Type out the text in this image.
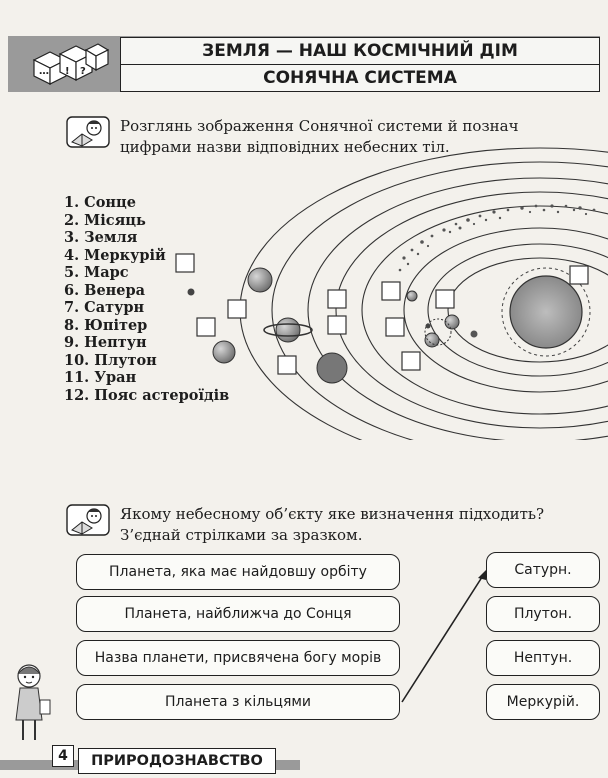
! ?
…
ЗЕМЛЯ — НАШ КОСМІЧНИЙ ДІМ
СОНЯЧНА СИСТЕМА
Розглянь зображення Сонячної системи й познач цифрами назви відповідних небесних тіл.
1. Сонце
2. Місяць
3. Земля
4. Меркурій
5. Марс
6. Венера
7. Сатурн
8. Юпітер
9. Нептун
10. Плутон
11. Уран
12. Пояс астероїдів
Якому небесному об’єкту яке визначення підходить? З’єднай стрілками за зразком.
Планета, яка має найдовшу орбіту
Планета, найближча до Сонця
Назва планети, присвячена богу морів
Планета з кільцями
Сатурн.
Плутон.
Нептун.
Меркурій.
4	ПРИРОДОЗНАВСТВО
